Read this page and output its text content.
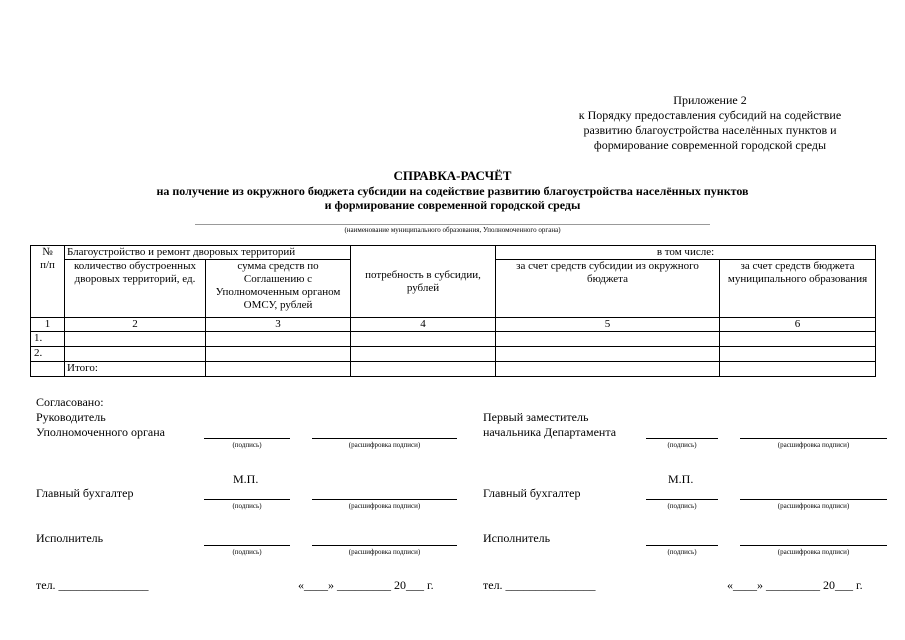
Приложение 2
к Порядку предоставления субсидий на содействие
развитию благоустройства населённых пунктов и
формирование современной городской среды
СПРАВКА-РАСЧЁТ
на получение из окружного бюджета субсидии на содействие развитию благоустройства населённых пунктов
и формирование современной городской среды
(наименование муниципального образования, Уполномоченного органа)
№
п/п	Благоустройство и ремонт дворовых территорий		потребность в субсидии, рублей	в том числе:	
	количество обустроенных дворовых территорий, ед.	сумма средств по Соглашению с Уполномоченным органом ОМСУ, рублей		за счет средств субсидии из окружного бюджета	за счет средств бюджета муниципального образования
1	2	3	4	5	6
1.					
2.					
	Итого:				
Согласовано:
Руководитель
Уполномоченного органа
(подпись)	(расшифровка подписи)
М.П.
Главный бухгалтер
(подпись)	(расшифровка подписи)
Исполнитель
(подпись)	(расшифровка подписи)
тел. _______________	«____» _________ 20___ г.
Первый заместитель
начальника Департамента
(подпись)	(расшифровка подписи)
М.П.
Главный бухгалтер
(подпись)	(расшифровка подписи)
Исполнитель
(подпись)	(расшифровка подписи)
тел. _______________	«____» _________ 20___ г.
